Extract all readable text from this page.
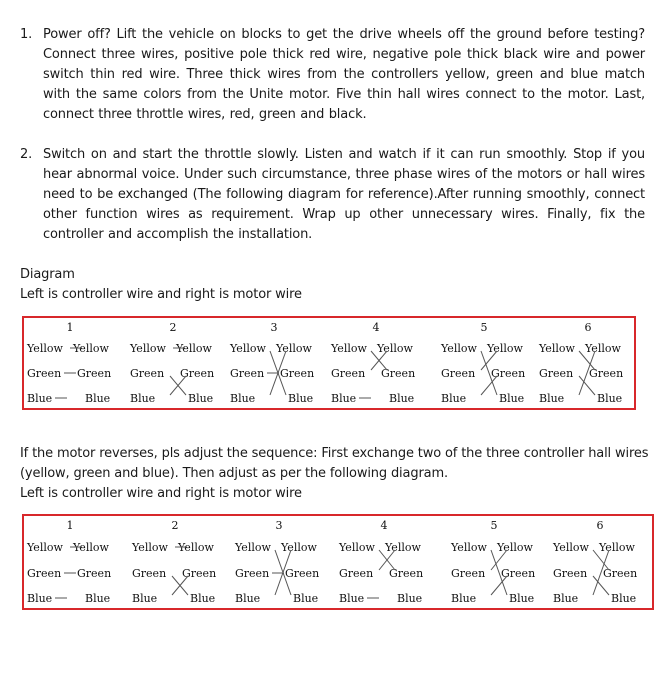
1. Power off? Lift the vehicle on blocks to get the drive wheels off the ground before testing? Connect three wires, positive pole thick red wire, negative pole thick black wire and power switch thin red wire. Three thick wires from the controllers yellow, green and blue match with the same colors from the Unite motor. Five thin hall wires connect to the motor. Last, connect three throttle wires, red, green and black.
2. Switch on and start the throttle slowly. Listen and watch if it can run smoothly. Stop if you hear abnormal voice. Under such circumstance, three phase wires of the motors or hall wires need to be exchanged (The following diagram for reference).After running smoothly, connect other function wires as requirement. Wrap up other unnecessary wires. Finally, fix the controller and accomplish the installation.
Diagram
Left is controller wire and right is motor wire
1
Yellow Yellow
Green Green
Blue	Blue
2
Yellow Yellow
Green Green
Blue	Blue
3
Yellow Yellow
Green Green
Blue	Blue
4
Yellow Yellow
Green Green
Blue	Blue
5
Yellow Yellow
Green Green
Blue	Blue
6
Yellow Yellow
Green Green
Blue	Blue
If the motor reverses, pls adjust the sequence: First exchange two of the three controller hall wires (yellow, green and blue). Then adjust as per the following diagram.
Left is controller wire and right is motor wire
1
Yellow Yellow
Green Green
Blue	Blue
2
Yellow Yellow
Green Green
Blue	Blue
3
Yellow Yellow
Green Green
Blue	Blue
4
Yellow Yellow
Green Green
Blue	Blue
5
Yellow Yellow
Green Green
Blue	Blue
6
Yellow Yellow
Green Green
Blue	Blue
